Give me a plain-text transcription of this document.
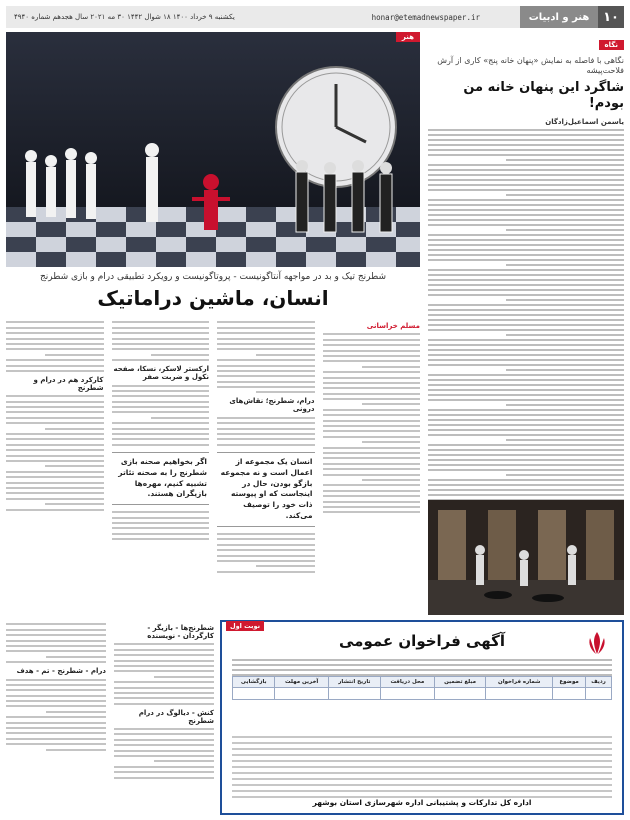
۱۰
هنر و ادبیات
honar@etemadnewspaper.ir
یکشنبه ۹ خرداد ۱۴۰۰ ۱۸ شوال ۱۴۴۲ ۳۰ مه ۲۰۲۱ سال هجدهم شماره ۴۹۴۰
نگاه
نگاهی با فاصله به نمایش «پنهان خانه پنج» کاری از آرش فلاحت‌پیشه
شاگرد این پنهان خانه من بودم!
یاسمن اسماعیل‌زادگان
هنر
شطرنج تیک و بد در مواجهه آنتاگونیست - پروتاگونیست و رویکرد تطبیقی درام و بازی شطرنج
انسان، ماشین دراماتیک
مسلم خراسانی
درام، شطرنج؛ نقاش‌های درونی
انسان یک مجموعه از اعمال است و نه مجموعه بازگو بودن، حال در اینجاست که او پیوسته ذات خود را توصیف می‌کند.
ارکستر لاسکر، نسکا، صفحه نکول و ضربت صفر
اگر بخواهیم صحنه بازی شطرنج را به صحنه تئاتر تشبیه کنیم، مهره‌ها بازیگران هستند.
کارکرد هم در درام و شطرنج
شطرنج‌ها - بازیگر - کارگردان - نویسنده
کنش - دیالوگ در درام شطرنج
درام - شطرنج - تم - هدف
نوبت اول
آگهی فراخوان عمومی
ردیف	موضوع	شماره فراخوان	مبلغ تضمین	محل دریافت	تاریخ انتشار	آخرین مهلت	بازگشایی

اداره کل تدارکات و پشتیبانی اداره شهرسازی استان بوشهر
